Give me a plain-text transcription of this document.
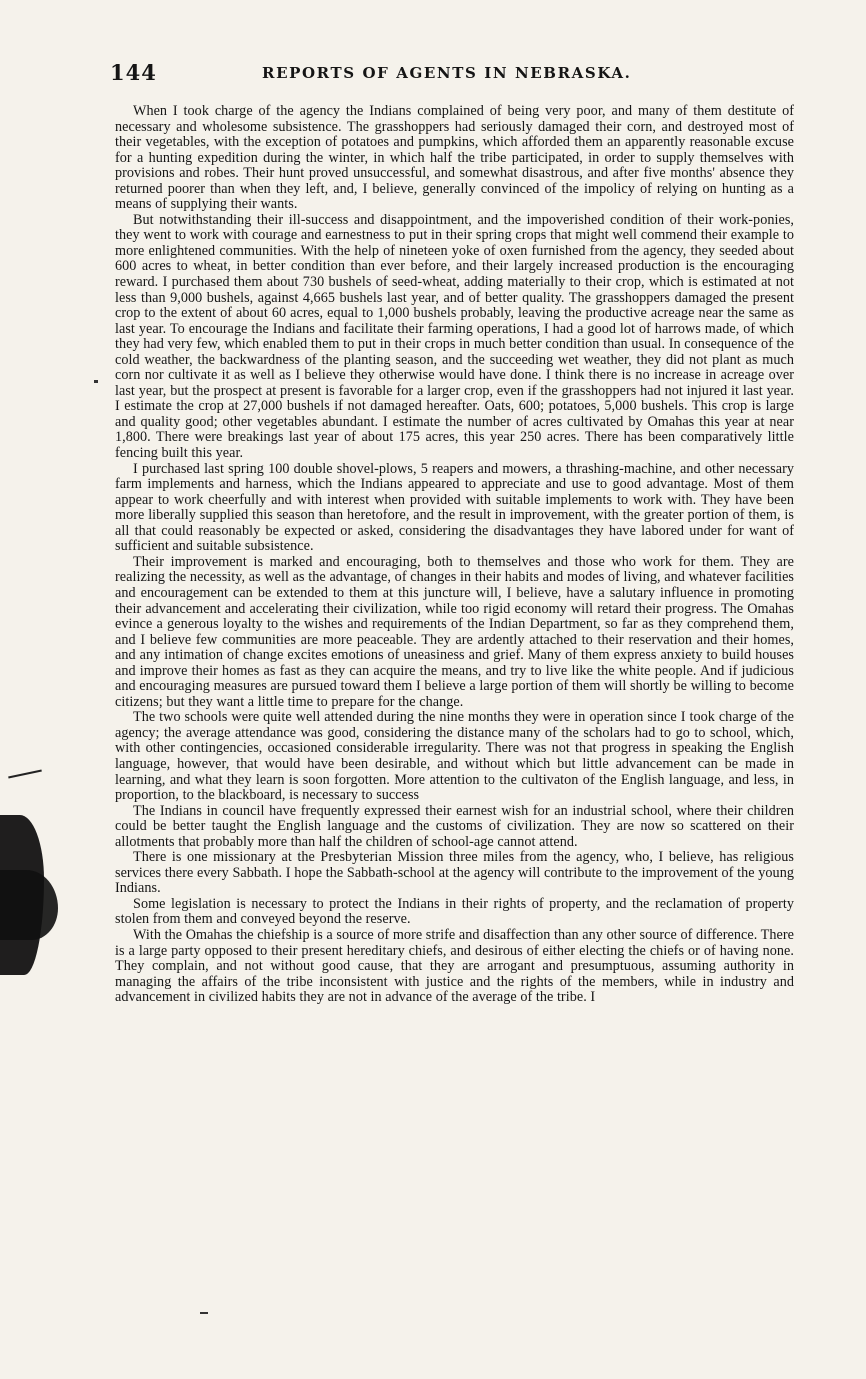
144	REPORTS OF AGENTS IN NEBRASKA.

When I took charge of the agency the Indians complained of being very poor, and many of them destitute of necessary and wholesome subsistence. The grasshoppers had seriously damaged their corn, and destroyed most of their vegetables, with the exception of potatoes and pumpkins, which afforded them an apparently reasonable excuse for a hunting expedition during the winter, in which half the tribe participated, in order to supply themselves with provisions and robes. Their hunt proved unsuccessful, and somewhat disastrous, and after five months' absence they returned poorer than when they left, and, I believe, generally convinced of the impolicy of relying on hunting as a means of supplying their wants.

But notwithstanding their ill-success and disappointment, and the impoverished condition of their work-ponies, they went to work with courage and earnestness to put in their spring crops that might well commend their example to more enlightened communities. With the help of nineteen yoke of oxen furnished from the agency, they seeded about 600 acres to wheat, in better condition than ever before, and their largely increased production is the encouraging reward. I purchased them about 730 bushels of seed-wheat, adding materially to their crop, which is estimated at not less than 9,000 bushels, against 4,665 bushels last year, and of better quality. The grasshoppers damaged the present crop to the extent of about 60 acres, equal to 1,000 bushels probably, leaving the productive acreage near the same as last year. To encourage the Indians and facilitate their farming operations, I had a good lot of harrows made, of which they had very few, which enabled them to put in their crops in much better condition than usual. In consequence of the cold weather, the backwardness of the planting season, and the succeeding wet weather, they did not plant as much corn nor cultivate it as well as I believe they otherwise would have done. I think there is no increase in acreage over last year, but the prospect at present is favorable for a larger crop, even if the grasshoppers had not injured it last year. I estimate the crop at 27,000 bushels if not damaged hereafter. Oats, 600; potatoes, 5,000 bushels. This crop is large and quality good; other vegetables abundant. I estimate the number of acres cultivated by Omahas this year at near 1,800. There were breakings last year of about 175 acres, this year 250 acres. There has been comparatively little fencing built this year.

I purchased last spring 100 double shovel-plows, 5 reapers and mowers, a thrashing-machine, and other necessary farm implements and harness, which the Indians appeared to appreciate and use to good advantage. Most of them appear to work cheerfully and with interest when provided with suitable implements to work with. They have been more liberally supplied this season than heretofore, and the result in improvement, with the greater portion of them, is all that could reasonably be expected or asked, considering the disadvantages they have labored under for want of sufficient and suitable subsistence.

Their improvement is marked and encouraging, both to themselves and those who work for them. They are realizing the necessity, as well as the advantage, of changes in their habits and modes of living, and whatever facilities and encouragement can be extended to them at this juncture will, I believe, have a salutary influence in promoting their advancement and accelerating their civilization, while too rigid economy will retard their progress. The Omahas evince a generous loyalty to the wishes and requirements of the Indian Department, so far as they comprehend them, and I believe few communities are more peaceable. They are ardently attached to their reservation and their homes, and any intimation of change excites emotions of uneasiness and grief. Many of them express anxiety to build houses and improve their homes as fast as they can acquire the means, and try to live like the white people. And if judicious and encouraging measures are pursued toward them I believe a large portion of them will shortly be willing to become citizens; but they want a little time to prepare for the change.

The two schools were quite well attended during the nine months they were in operation since I took charge of the agency; the average attendance was good, considering the distance many of the scholars had to go to school, which, with other contingencies, occasioned considerable irregularity. There was not that progress in speaking the English language, however, that would have been desirable, and without which but little advancement can be made in learning, and what they learn is soon forgotten. More attention to the cultivaton of the English language, and less, in proportion, to the blackboard, is necessary to success

The Indians in council have frequently expressed their earnest wish for an industrial school, where their children could be better taught the English language and the customs of civilization. They are now so scattered on their allotments that probably more than half the children of school-age cannot attend.

There is one missionary at the Presbyterian Mission three miles from the agency, who, I believe, has religious services there every Sabbath. I hope the Sabbath-school at the agency will contribute to the improvement of the young Indians.

Some legislation is necessary to protect the Indians in their rights of property, and the reclamation of property stolen from them and conveyed beyond the reserve.

With the Omahas the chiefship is a source of more strife and disaffection than any other source of difference. There is a large party opposed to their present hereditary chiefs, and desirous of either electing the chiefs or of having none. They complain, and not without good cause, that they are arrogant and presumptuous, assuming authority in managing the affairs of the tribe inconsistent with justice and the rights of the members, while in industry and advancement in civilized habits they are not in advance of the average of the tribe. I
